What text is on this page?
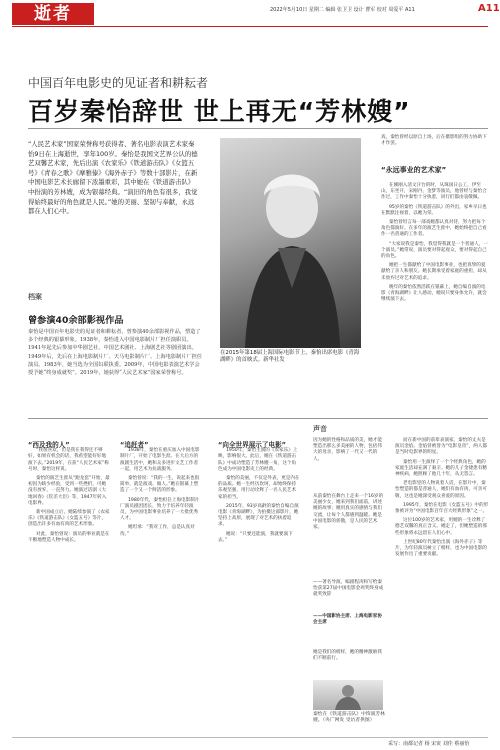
逝者	2022年5月10日 星期二 编辑 张卫卫 设计 曹军 校对 周爱平 A11	A11
中国百年电影史的见证者和耕耘者
百岁秦怡辞世 世上再无“芳林嫂”
“人民艺术家”国家荣誉称号获得者、著名电影表演艺术家秦怡9日在上海逝世，享年100岁。秦怡是我国文艺界公认的德艺双馨艺术家，先后出演《农家乐》《铁道游击队》《女篮五号》《青春之歌》《摩雅傣》《海外赤子》等数十部影片，在新中国电影艺术长廊留下浓墨重彩，其中她在《铁道游击队》中扮演的芳林嫂，成为银幕经典。“演旧的角色有很多，我觉得始终最好的角色就是人民。”她的美丽、坚韧与奉献，永远都在人们心中。
在2015年第18届上海国际电影节上，秦怡出席电影《青海湖畔》的首映式。新华社发
戏，秦怡曾经以原自上场，后在摄影组的努力协助下才作罢。
“永远事业的艺术家”

在刚刚入清文汗台的时，从珠国日公工，伊至山，东坐开，宋刚丹，金梦等演员，他曾经与秦怡合作过，工作中秦怡十分执着，同行们都由衷敬佩。

95岁的秦怡《铁道游击队》的外出，家乡早日也在默默注视着，以她为荣。

秦怡曾坦言每一部戏她都认真对待，努力把每个角色都演好。在多年的演艺生涯中，她始终把自己看作一名普通的工作者。

“大家说我是秦怡，我觉得我就是一个普通人，一个演员。”她常说，演员要对得起观众，要对得起自己的角色。

她把一生都献给了中国电影事业，也把真挚的爱献给了亲人和朋友。她长期承受着家庭的重担，却从未放弃过对艺术的追求。

晚年的秦怡依然活跃在银幕上，她自编自演的电影《青海湖畔》让人感动，她说只要身体允许，就会继续演下去。

档案
曾参演40余部影视作品
秦怡是中国百年电影史的见证者和耕耘者，曾参演40余部影视作品，塑造了多个经典的银幕形象。1938年，秦怡进入中国电影制片厂担任演职员。1941年起先后参加中华剧艺社、中国艺术剧社、上海剧艺社等剧团演出。1949年后，先后在上海电影制片厂、天马电影制片厂、上海电影制片厂担任演员。1983年，她当选为全国妇联执委。2009年，中国电影表演艺术学会授予她“终身成就奖”。2019年，她获得“人民艺术家”国家荣誉称号。
“西及我的人”

“我很喜欢，但是我在我得还不够好，如果有机会的话，我希望能好好地演下去。”2019年，在获“人民艺术家”称号时，秦怡这样说。

秦怡的演艺生涯从“跑龙套”开始，最初因为缺少经验，受到一些挫折，可她没有放弃，一直努力。她演过话剧《大地回春》《钦差大臣》等，1947年转入电影界。

新中国成立后，她陆续参演了《农家乐》《铁道游击队》《女篮五号》等片，创造出许多有血有肉的艺术形象。

对此，秦怡曾说：演员的事业就是在不断地塑造人物中成长。

“追赶者”

1938年，秦怡在重庆加入中国电影制片厂，开始了电影生涯。在大后方的演剧生活中，她和众多进步文艺工作者一起，用艺术为抗战服务。

秦怡曾说：“我的一生，说起来也很简单，就是演戏、做人。”她在银幕上塑造了一个又一个鲜活的形象。

1980年代，秦怡担任上海电影制片厂演员剧团团长，致力于培养年轻演员，为中国电影事业培养了一大批优秀人才。

她坦承：“我对工作，总是认真对待。”

“向全世界展示了电影”

1950年，秦怡主演的《农家乐》上映，影响很大。此后，她在《铁道游击队》中成功塑造了芳林嫂一角，这个角色成为中国电影史上的经典。

秦怡的美丽，不仅是外表，更是内在的品质。她一生经历坎坷，却始终保持乐观坚强，用行动诠释了一名人民艺术家的担当。

2015年，93岁高龄的秦怡自编自演电影《青海湖畔》，为拍摄这部影片，她坚持上高原，展现了对艺术的执着追求。

她说：“只要还能演，我就要演下去。”

声音
因为她的性格和品质的美，她才能塑造出那么多美丽的人物，包括伟大的母亲，影响了一代又一代的人。
从前秦怡在舞台上走来一个16岁的美丽少女，她来到我们面前，讲述她的故事；她用真实的感情与我们交流，让每个人都感到温暖。她是中国电影的骄傲，是人民的艺术家。
——著名导演、编剧程涛和写给秦怡获第27届中国电影金鸡奖终身成就奖致辞
——中国影协主席、上海电影家协会主席
她是我们的榜样，她的精神激励我们不断前行。
秦怡在《铁道游击队》中饰演芳林嫂。（央广网发 受访者供图）

而在新中国的前辈表演家，秦怡的丈夫是演员金焰。金焰曾被誉为“电影皇帝”，两人都是当时电影界的明星。

秦怡用一生演绎了一个个经典角色，她的家庭生活却充满了艰辛。她的儿子金捷患有精神疾病，她照顾了他几十年，从无怨言。

老电影里的人物说着人话，在影片中，秦怡塑造的都是普通人，她们有血有肉，可亲可敬，这也是她深受观众喜爱的原因。

1995年，秦怡在电影《女篮五号》中的形象被评为“中国电影百年百大经典形象”之一。

这位100岁的艺术家，用她的一生诠释了德艺双馨的真正含义。她走了，但她塑造的那些形象将永远留在人们心中。

上世纪80年代秦怡出演《海外赤子》等片，为年轻演员树立了榜样，也为中国电影的发展作出了重要贡献。

采写：南都记者 杨 宋寅 刘佳 蔡丽怡
